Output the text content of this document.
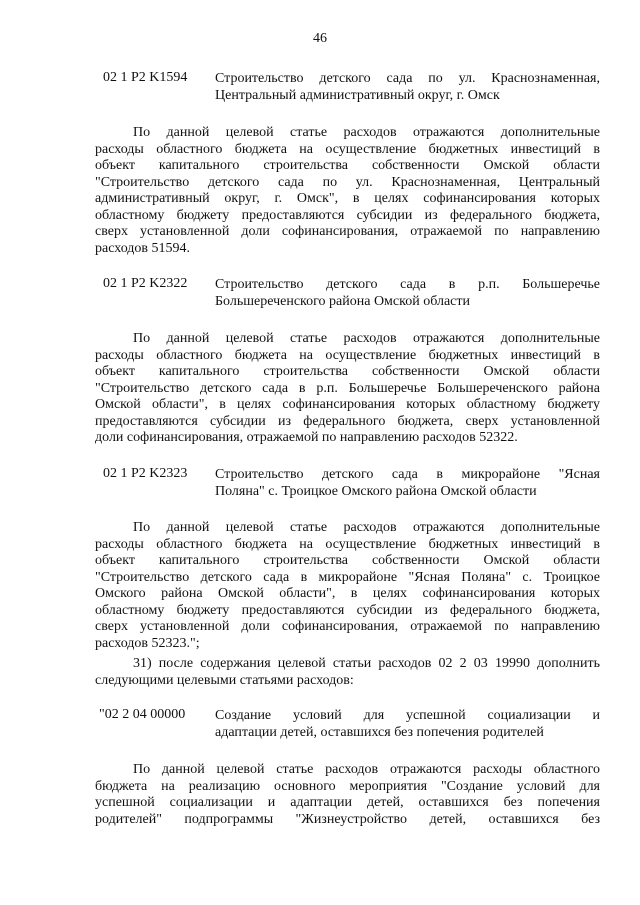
46
02 1 P2 K1594 Строительство детского сада по ул. Краснознаменная,
Центральный административный округ, г. Омск
По данной целевой статье расходов отражаются дополнительные
расходы областного бюджета на осуществление бюджетных инвестиций в
объект капитального строительства собственности Омской области
"Строительство детского сада по ул. Краснознаменная, Центральный
административный округ, г. Омск", в целях софинансирования которых
областному бюджету предоставляются субсидии из федерального бюджета,
сверх установленной доли софинансирования, отражаемой по направлению
расходов 51594.
02 1 P2 K2322 Строительство детского сада в р.п. Большеречье
Большереченского района Омской области
По данной целевой статье расходов отражаются дополнительные
расходы областного бюджета на осуществление бюджетных инвестиций в
объект капитального строительства собственности Омской области
"Строительство детского сада в р.п. Большеречье Большереченского района
Омской области", в целях софинансирования которых областному бюджету
предоставляются субсидии из федерального бюджета, сверх установленной
доли софинансирования, отражаемой по направлению расходов 52322.
02 1 P2 K2323 Строительство детского сада в микрорайоне "Ясная
Поляна" с. Троицкое Омского района Омской области
По данной целевой статье расходов отражаются дополнительные
расходы областного бюджета на осуществление бюджетных инвестиций в
объект капитального строительства собственности Омской области
"Строительство детского сада в микрорайоне "Ясная Поляна" с. Троицкое
Омского района Омской области", в целях софинансирования которых
областному бюджету предоставляются субсидии из федерального бюджета,
сверх установленной доли софинансирования, отражаемой по направлению
расходов 52323.";
31) после содержания целевой статьи расходов 02 2 03 19990 дополнить
следующими целевыми статьями расходов:
"02 2 04 00000 Создание условий для успешной социализации и
адаптации детей, оставшихся без попечения родителей
По данной целевой статье расходов отражаются расходы областного
бюджета на реализацию основного мероприятия "Создание условий для
успешной социализации и адаптации детей, оставшихся без попечения
родителей" подпрограммы "Жизнеустройство детей, оставшихся без
